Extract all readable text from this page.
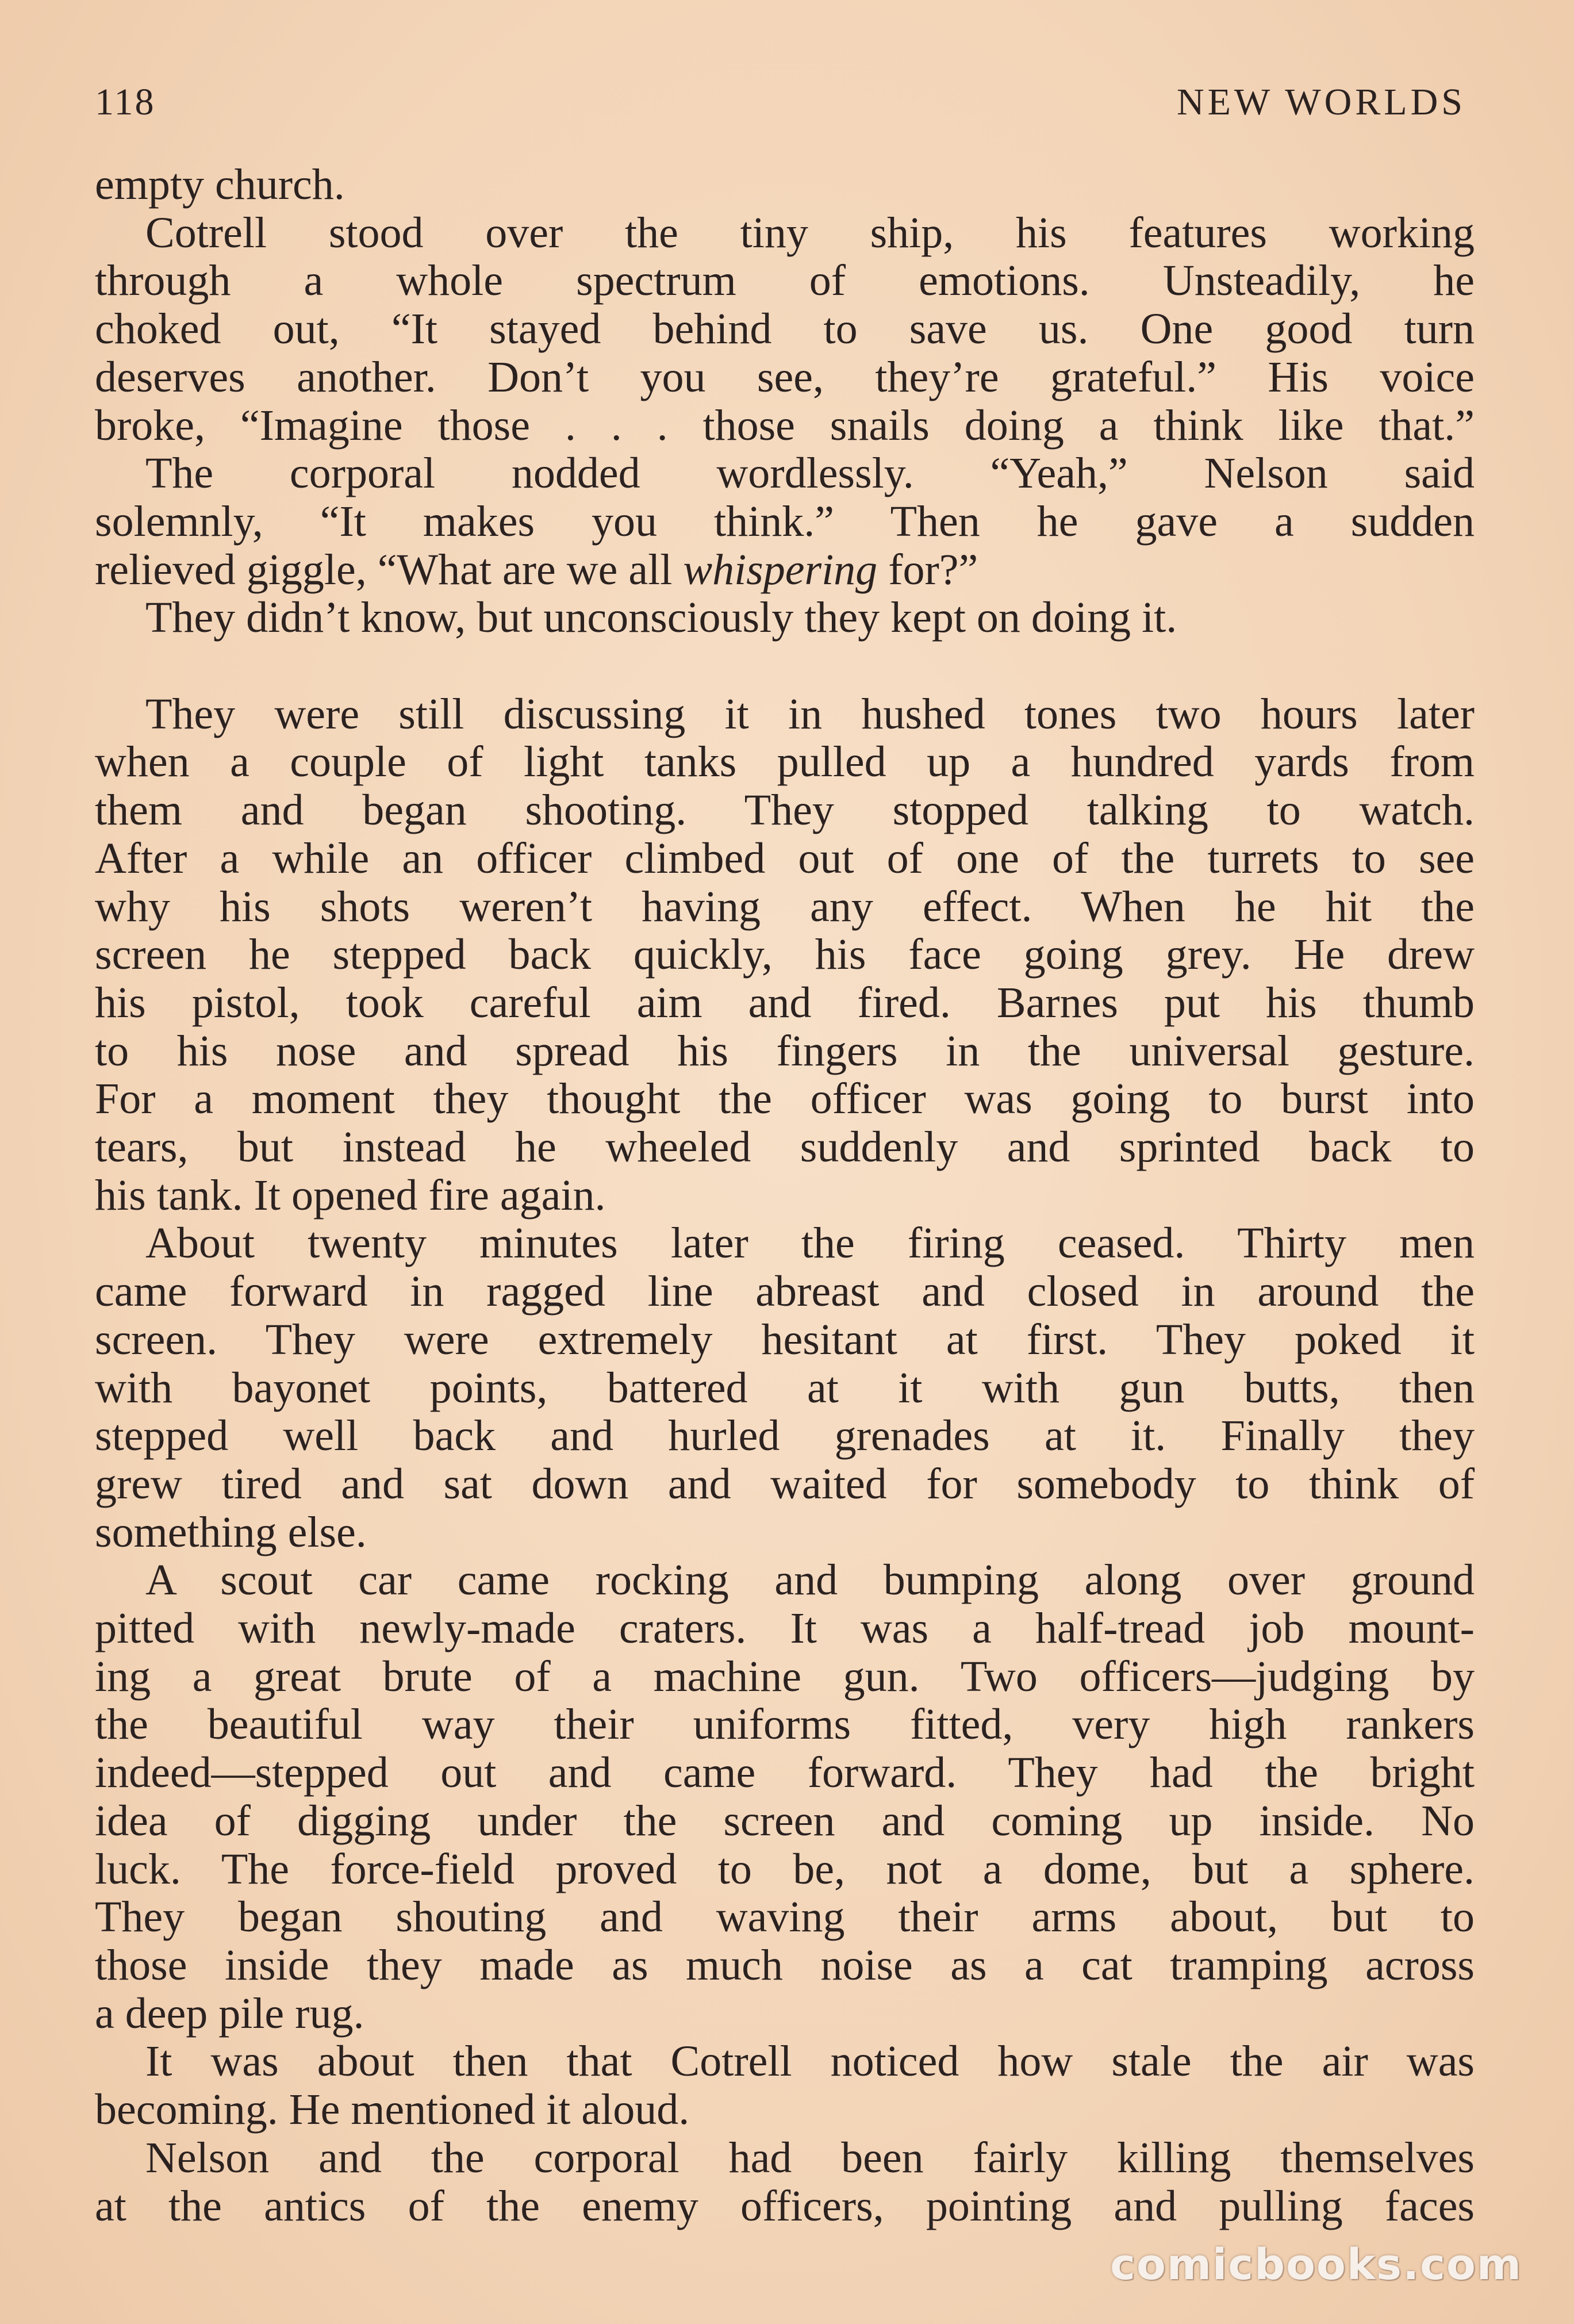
118	NEW WORLDS

empty church.

Cotrell stood over the tiny ship, his features working
through a whole spectrum of emotions. Unsteadily, he
choked out, “It stayed behind to save us. One good turn
deserves another. Don’t you see, they’re grateful.” His voice
broke, “Imagine those . . . those snails doing a think like that.”

The corporal nodded wordlessly. “Yeah,” Nelson said
solemnly, “It makes you think.” Then he gave a sudden
relieved giggle, “What are we all whispering for?”

They didn’t know, but unconsciously they kept on doing it.

They were still discussing it in hushed tones two hours later
when a couple of light tanks pulled up a hundred yards from
them and began shooting. They stopped talking to watch.
After a while an officer climbed out of one of the turrets to see
why his shots weren’t having any effect. When he hit the
screen he stepped back quickly, his face going grey. He drew
his pistol, took careful aim and fired. Barnes put his thumb
to his nose and spread his fingers in the universal gesture.
For a moment they thought the officer was going to burst into
tears, but instead he wheeled suddenly and sprinted back to
his tank. It opened fire again.

About twenty minutes later the firing ceased. Thirty men
came forward in ragged line abreast and closed in around the
screen. They were extremely hesitant at first. They poked it
with bayonet points, battered at it with gun butts, then
stepped well back and hurled grenades at it. Finally they
grew tired and sat down and waited for somebody to think of
something else.

A scout car came rocking and bumping along over ground
pitted with newly-made craters. It was a half-tread job mount-
ing a great brute of a machine gun. Two officers—judging by
the beautiful way their uniforms fitted, very high rankers
indeed—stepped out and came forward. They had the bright
idea of digging under the screen and coming up inside. No
luck. The force-field proved to be, not a dome, but a sphere.
They began shouting and waving their arms about, but to
those inside they made as much noise as a cat tramping across
a deep pile rug.

It was about then that Cotrell noticed how stale the air was
becoming. He mentioned it aloud.

Nelson and the corporal had been fairly killing themselves
at the antics of the enemy officers, pointing and pulling faces

comicbooks.com
